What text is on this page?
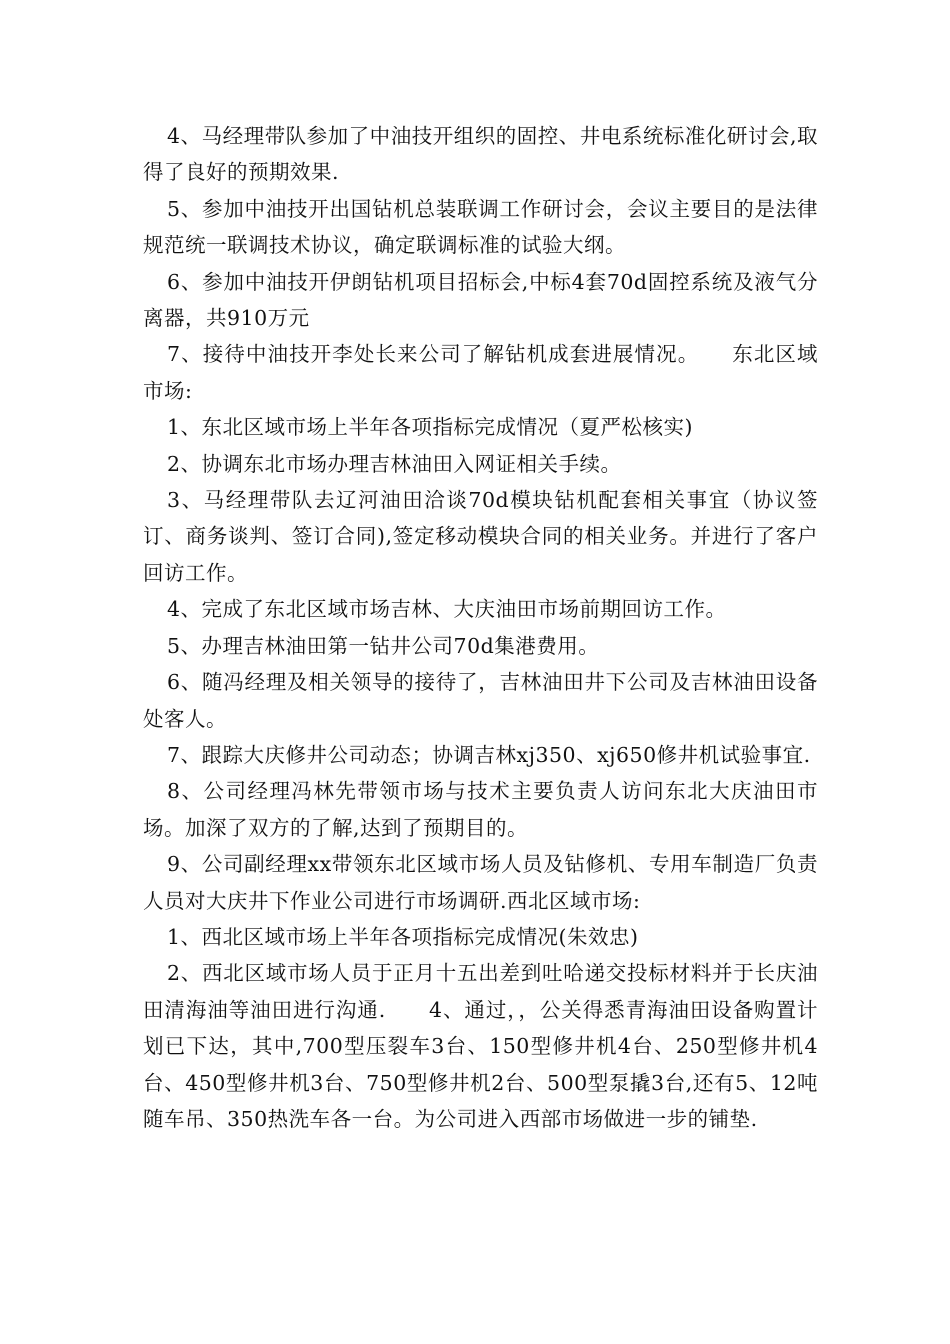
4、马经理带队参加了中油技开组织的固控、井电系统标准化研讨会,取得了良好的预期效果.

5、参加中油技开出国钻机总装联调工作研讨会，会议主要目的是法律规范统一联调技术协议，确定联调标准的试验大纲。

6、参加中油技开伊朗钻机项目招标会,中标4套70d固控系统及液气分离器，共910万元

7、接待中油技开李处长来公司了解钻机成套进展情况。　　东北区域市场:

1、东北区域市场上半年各项指标完成情况（夏严松核实)

2、协调东北市场办理吉林油田入网证相关手续。

3、马经理带队去辽河油田洽谈70d模块钻机配套相关事宜（协议签订、商务谈判、签订合同),签定移动模块合同的相关业务。并进行了客户回访工作。

4、完成了东北区域市场吉林、大庆油田市场前期回访工作。

5、办理吉林油田第一钻井公司70d集港费用。

6、随冯经理及相关领导的接待了，吉林油田井下公司及吉林油田设备处客人。

7、跟踪大庆修井公司动态；协调吉林xj350、xj650修井机试验事宜.

8、公司经理冯林先带领市场与技术主要负责人访问东北大庆油田市场。加深了双方的了解,达到了预期目的。

9、公司副经理xx带领东北区域市场人员及钻修机、专用车制造厂负责人员对大庆井下作业公司进行市场调研.西北区域市场:

1、西北区域市场上半年各项指标完成情况(朱效忠)

2、西北区域市场人员于正月十五出差到吐哈递交投标材料并于长庆油田清海油等油田进行沟通.　　4、通过，，公关得悉青海油田设备购置计划已下达，其中,700型压裂车3台、150型修井机4台、250型修井机4台、450型修井机3台、750型修井机2台、500型泵撬3台,还有5、12吨随车吊、350热洗车各一台。为公司进入西部市场做进一步的铺垫.
